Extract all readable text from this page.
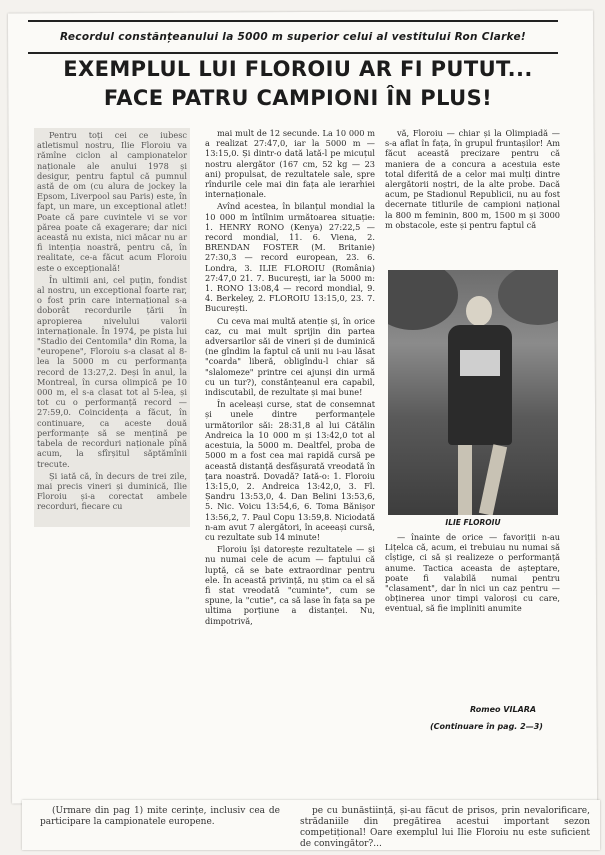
Recordul constănțeanului la 5000 m superior celui al vestitului Ron Clarke!
EXEMPLUL LUI FLOROIU AR FI PUTUT...
FACE PATRU CAMPIONI ÎN PLUS!

Pentru toți cei ce iubesc atletismul nostru, Ilie Floroiu va rămîne ciclon al campionatelor naționale ale anului 1978 și desigur, pentru faptul că pumnul astă de om (cu alura de jockey la Epsom, Liverpool sau Paris) este, în fapt, un mare, un exceptional atlet! Poate că pare cuvintele vi se vor părea poate că exagerare; dar nici această nu exista, nici măcar nu ar fi intenția noastră, pentru că, în realitate, ce-a făcut acum Floroiu este o excepțională!

În ultimii ani, cel puțin, fondist al nostru, un exceptional foarte rar, o fost prin care internațional s-a doborât recordurile țării în apropierea nivelului valorii internaționale. În 1974, pe pista lui "Stadio dei Centomila" din Roma, la "europene", Floroiu s-a clasat al 8-lea la 5000 m cu performanța record de 13:27,2. Deși în anul, la Montreal, în cursa olimpică pe 10 000 m, el s-a clasat tot al 5-lea, și tot cu o performanță record — 27:59,0. Coincidența a făcut, în continuare, ca aceste două performanțe să se mențină pe tabela de recorduri naționale pînă acum, la sfîrșitul săptămînii trecute.

Și iată că, în decurs de trei zile, mai precis vineri și duminică, Ilie Floroiu și-a corectat ambele recorduri, fiecare cu

mai mult de 12 secunde. La 10 000 m a realizat 27:47,0, iar la 5000 m — 13:15,0. Și dintr-o dată lată-l pe micuțul nostru alergător (167 cm, 52 kg — 23 ani) propulsat, de rezultatele sale, spre rîndurile cele mai din fața ale ierarhiei internaționale.

Avînd acestea, în bilanțul mondial la 10 000 m întîlnim următoarea situație: 1. HENRY RONO (Kenya) 27:22,5 — record mondial, 11. 6. Viena, 2. BRENDAN FOSTER (M. Britanie) 27:30,3 — record european, 23. 6. Londra, 3. ILIE FLOROIU (România) 27:47,0 21. 7. București, iar la 5000 m: 1. RONO 13:08,4 — record mondial, 9. 4. Berkeley, 2. FLOROIU 13:15,0, 23. 7. București.

Cu ceva mai multă atenție și, în orice caz, cu mai mult sprijin din partea adversarilor săi de vineri și de duminică (ne gîndim la faptul că unii nu i-au lăsat "coarda" liberă, obligîndu-l chiar să "slalomeze" printre cei ajunși din urmă cu un tur?), constănțeanul era capabil, indiscutabil, de rezultate și mai bune!

În aceleași curse, stat de consemnat și unele dintre performanțele următorilor săi: 28:31,8 al lui Cătălin Andreica la 10 000 m și 13:42,0 tot al acestuia, la 5000 m. Dealtfel, proba de 5000 m a fost cea mai rapidă cursă pe această distanță desfășurată vreodată în țara noastră. Dovadă? Iată-o: 1. Floroiu 13:15,0, 2. Andreica 13:42,0, 3. Fl. Șandru 13:53,0, 4. Dan Belini 13:53,6, 5. Nic. Voicu 13:54,6, 6. Toma Bănișor 13:56,2, 7. Paul Copu 13:59,8. Niciodată n-am avut 7 alergători, în aceeași cursă, cu rezultate sub 14 minute!

Floroiu își datorește rezultatele — și nu numai cele de acum — faptului că luptă, că se bate extraordinar pentru ele. În această privință, nu știm ca el să fi stat vreodată "cuminte", cum se spune, la "cutie", ca să lase în fața sa pe ultima porțiune a distanței. Nu, dimpotrivă,

vă, Floroiu — chiar și la Olimpiadă — s-a aflat în fața, în grupul fruntașilor! Am făcut această precizare pentru că maniera de a concura a acestuia este total diferită de a celor mai mulți dintre alergătorii noștri, de la alte probe. Dacă acum, pe Stadionul Republicii, nu au fost decernate titlurile de campioni național la 800 m feminin, 800 m, 1500 m și 3000 m obstacole, este și pentru faptul că

ILIE FLOROIU

— înainte de orice — favoriții n-au Lițelca că, acum, ei trebuiau nu numai să cîștige, ci să și realizeze o performanță anume. Tactica aceasta de așteptare, poate fi valabilă numai pentru "clasament", dar în nici un caz pentru — obținerea unor timpi valoroși cu care, eventual, să fie impliniti anumite

Romeo VILARA
(Continuare în pag. 2—3)

(Urmare din pag 1) mite cerințe, inclusiv cea de participare la campionatele europene.

pe cu bunăstiință, și-au făcut de prisos, prin nevalorificare, strădaniile din pregătirea acestui important sezon competițional! Oare exemplul lui Ilie Floroiu nu este suficient de convingător?...
